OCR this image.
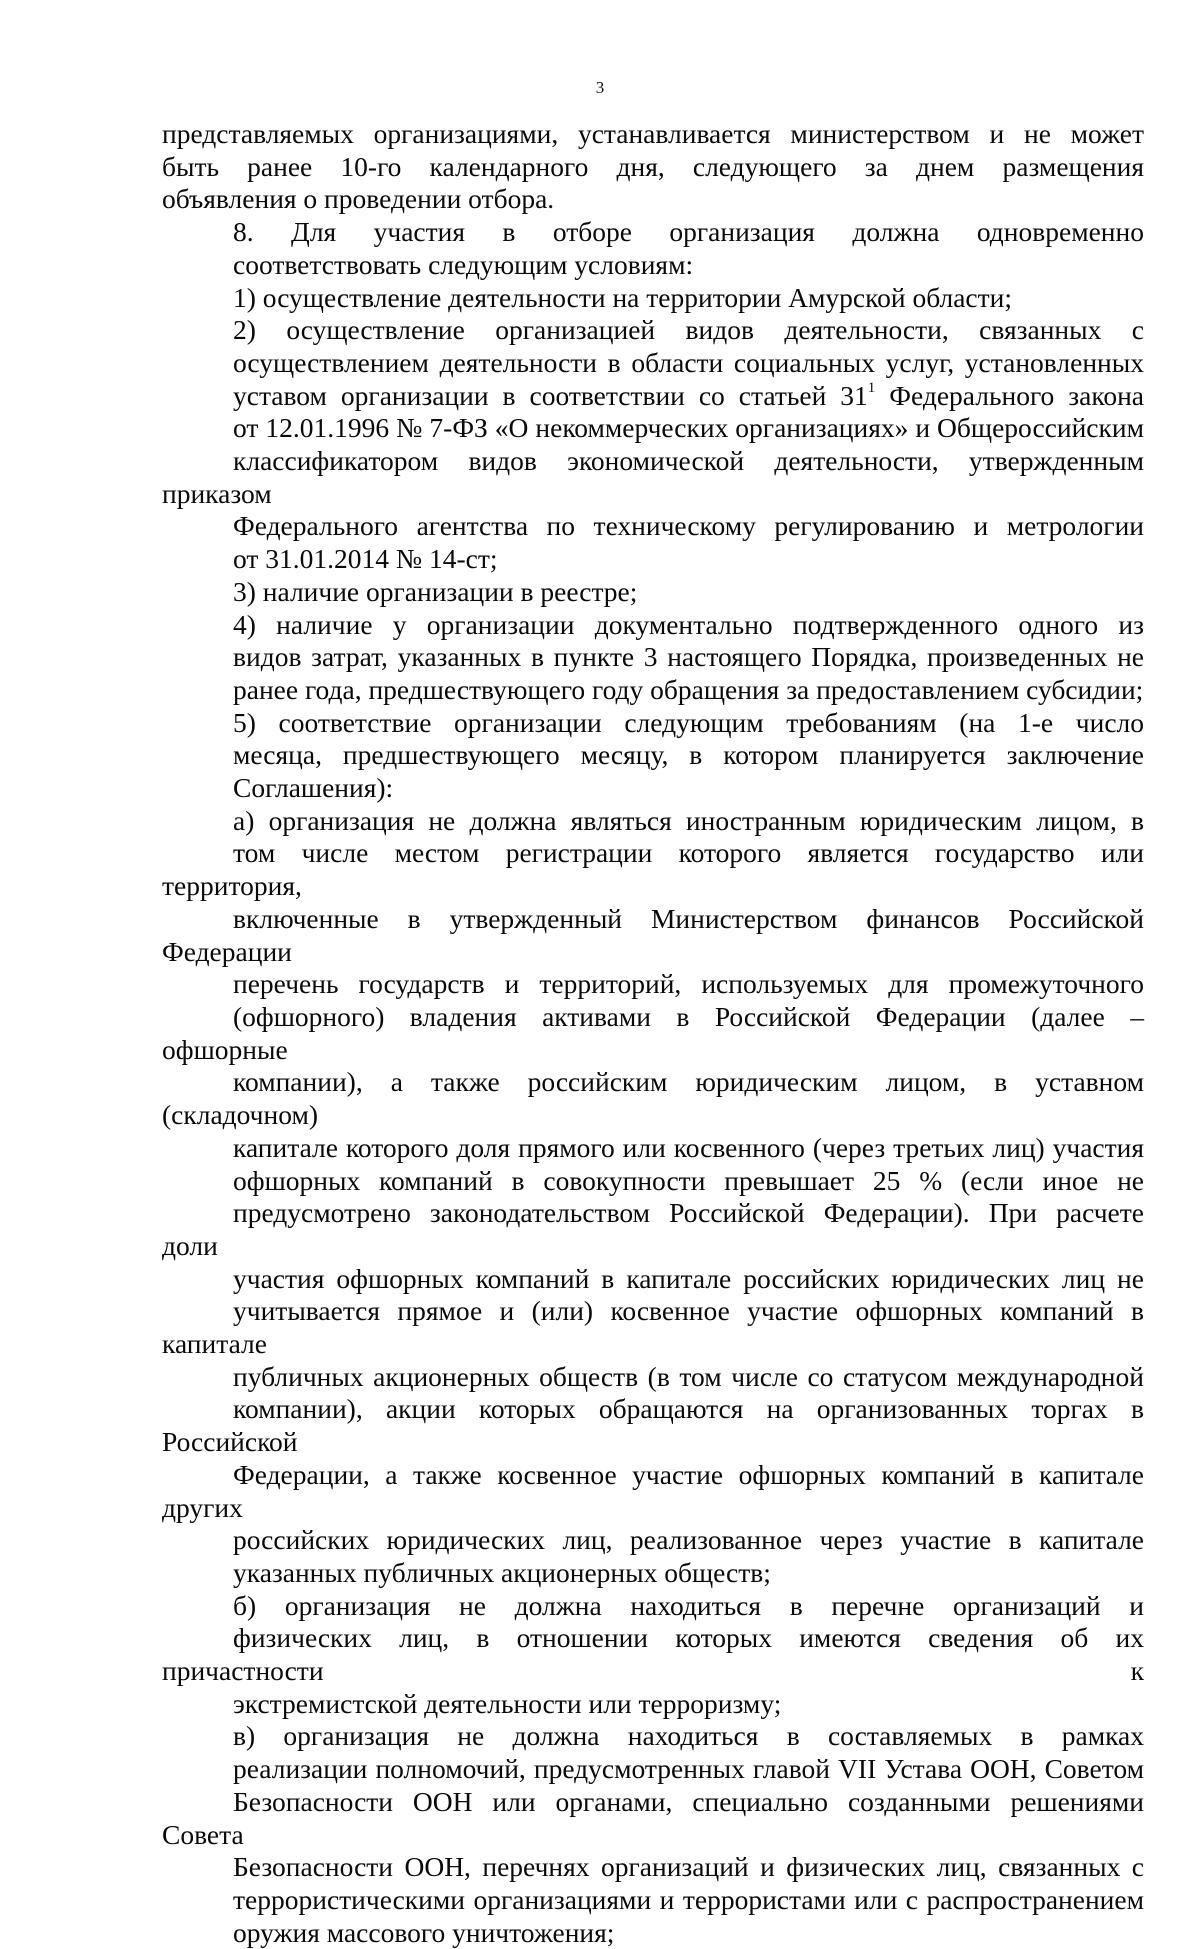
3

представляемых организациями, устанавливается министерством и не может
быть ранее 10-го календарного дня, следующего за днем размещения
объявления о проведении отбора.

8. Для участия в отборе организация должна одновременно
соответствовать следующим условиям:

1) осуществление деятельности на территории Амурской области;

2) осуществление организацией видов деятельности, связанных с
осуществлением деятельности в области социальных услуг, установленных
уставом организации в соответствии со статьей $31^1$ Федерального закона
от 12.01.1996 № 7-ФЗ «О некоммерческих организациях» и Общероссийским
классификатором видов экономической деятельности, утвержденным приказом
Федерального агентства по техническому регулированию и метрологии
от 31.01.2014 № 14-ст;

3) наличие организации в реестре;

4) наличие у организации документально подтвержденного одного из
видов затрат, указанных в пункте 3 настоящего Порядка, произведенных не
ранее года, предшествующего году обращения за предоставлением субсидии;

5) соответствие организации следующим требованиям (на 1-е число
месяца, предшествующего месяцу, в котором планируется заключение
Соглашения):

а) организация не должна являться иностранным юридическим лицом, в
том числе местом регистрации которого является государство или территория,
включенные в утвержденный Министерством финансов Российской Федерации
перечень государств и территорий, используемых для промежуточного
(офшорного) владения активами в Российской Федерации (далее – офшорные
компании), а также российским юридическим лицом, в уставном (складочном)
капитале которого доля прямого или косвенного (через третьих лиц) участия
офшорных компаний в совокупности превышает 25 % (если иное не
предусмотрено законодательством Российской Федерации). При расчете доли
участия офшорных компаний в капитале российских юридических лиц не
учитывается прямое и (или) косвенное участие офшорных компаний в капитале
публичных акционерных обществ (в том числе со статусом международной
компании), акции которых обращаются на организованных торгах в Российской
Федерации, а также косвенное участие офшорных компаний в капитале других
российских юридических лиц, реализованное через участие в капитале
указанных публичных акционерных обществ;

б) организация не должна находиться в перечне организаций и
физических лиц, в отношении которых имеются сведения об их причастности к
экстремистской деятельности или терроризму;

в) организация не должна находиться в составляемых в рамках
реализации полномочий, предусмотренных главой VII Устава ООН, Советом
Безопасности ООН или органами, специально созданными решениями Совета
Безопасности ООН, перечнях организаций и физических лиц, связанных с
террористическими организациями и террористами или с распространением
оружия массового уничтожения;
